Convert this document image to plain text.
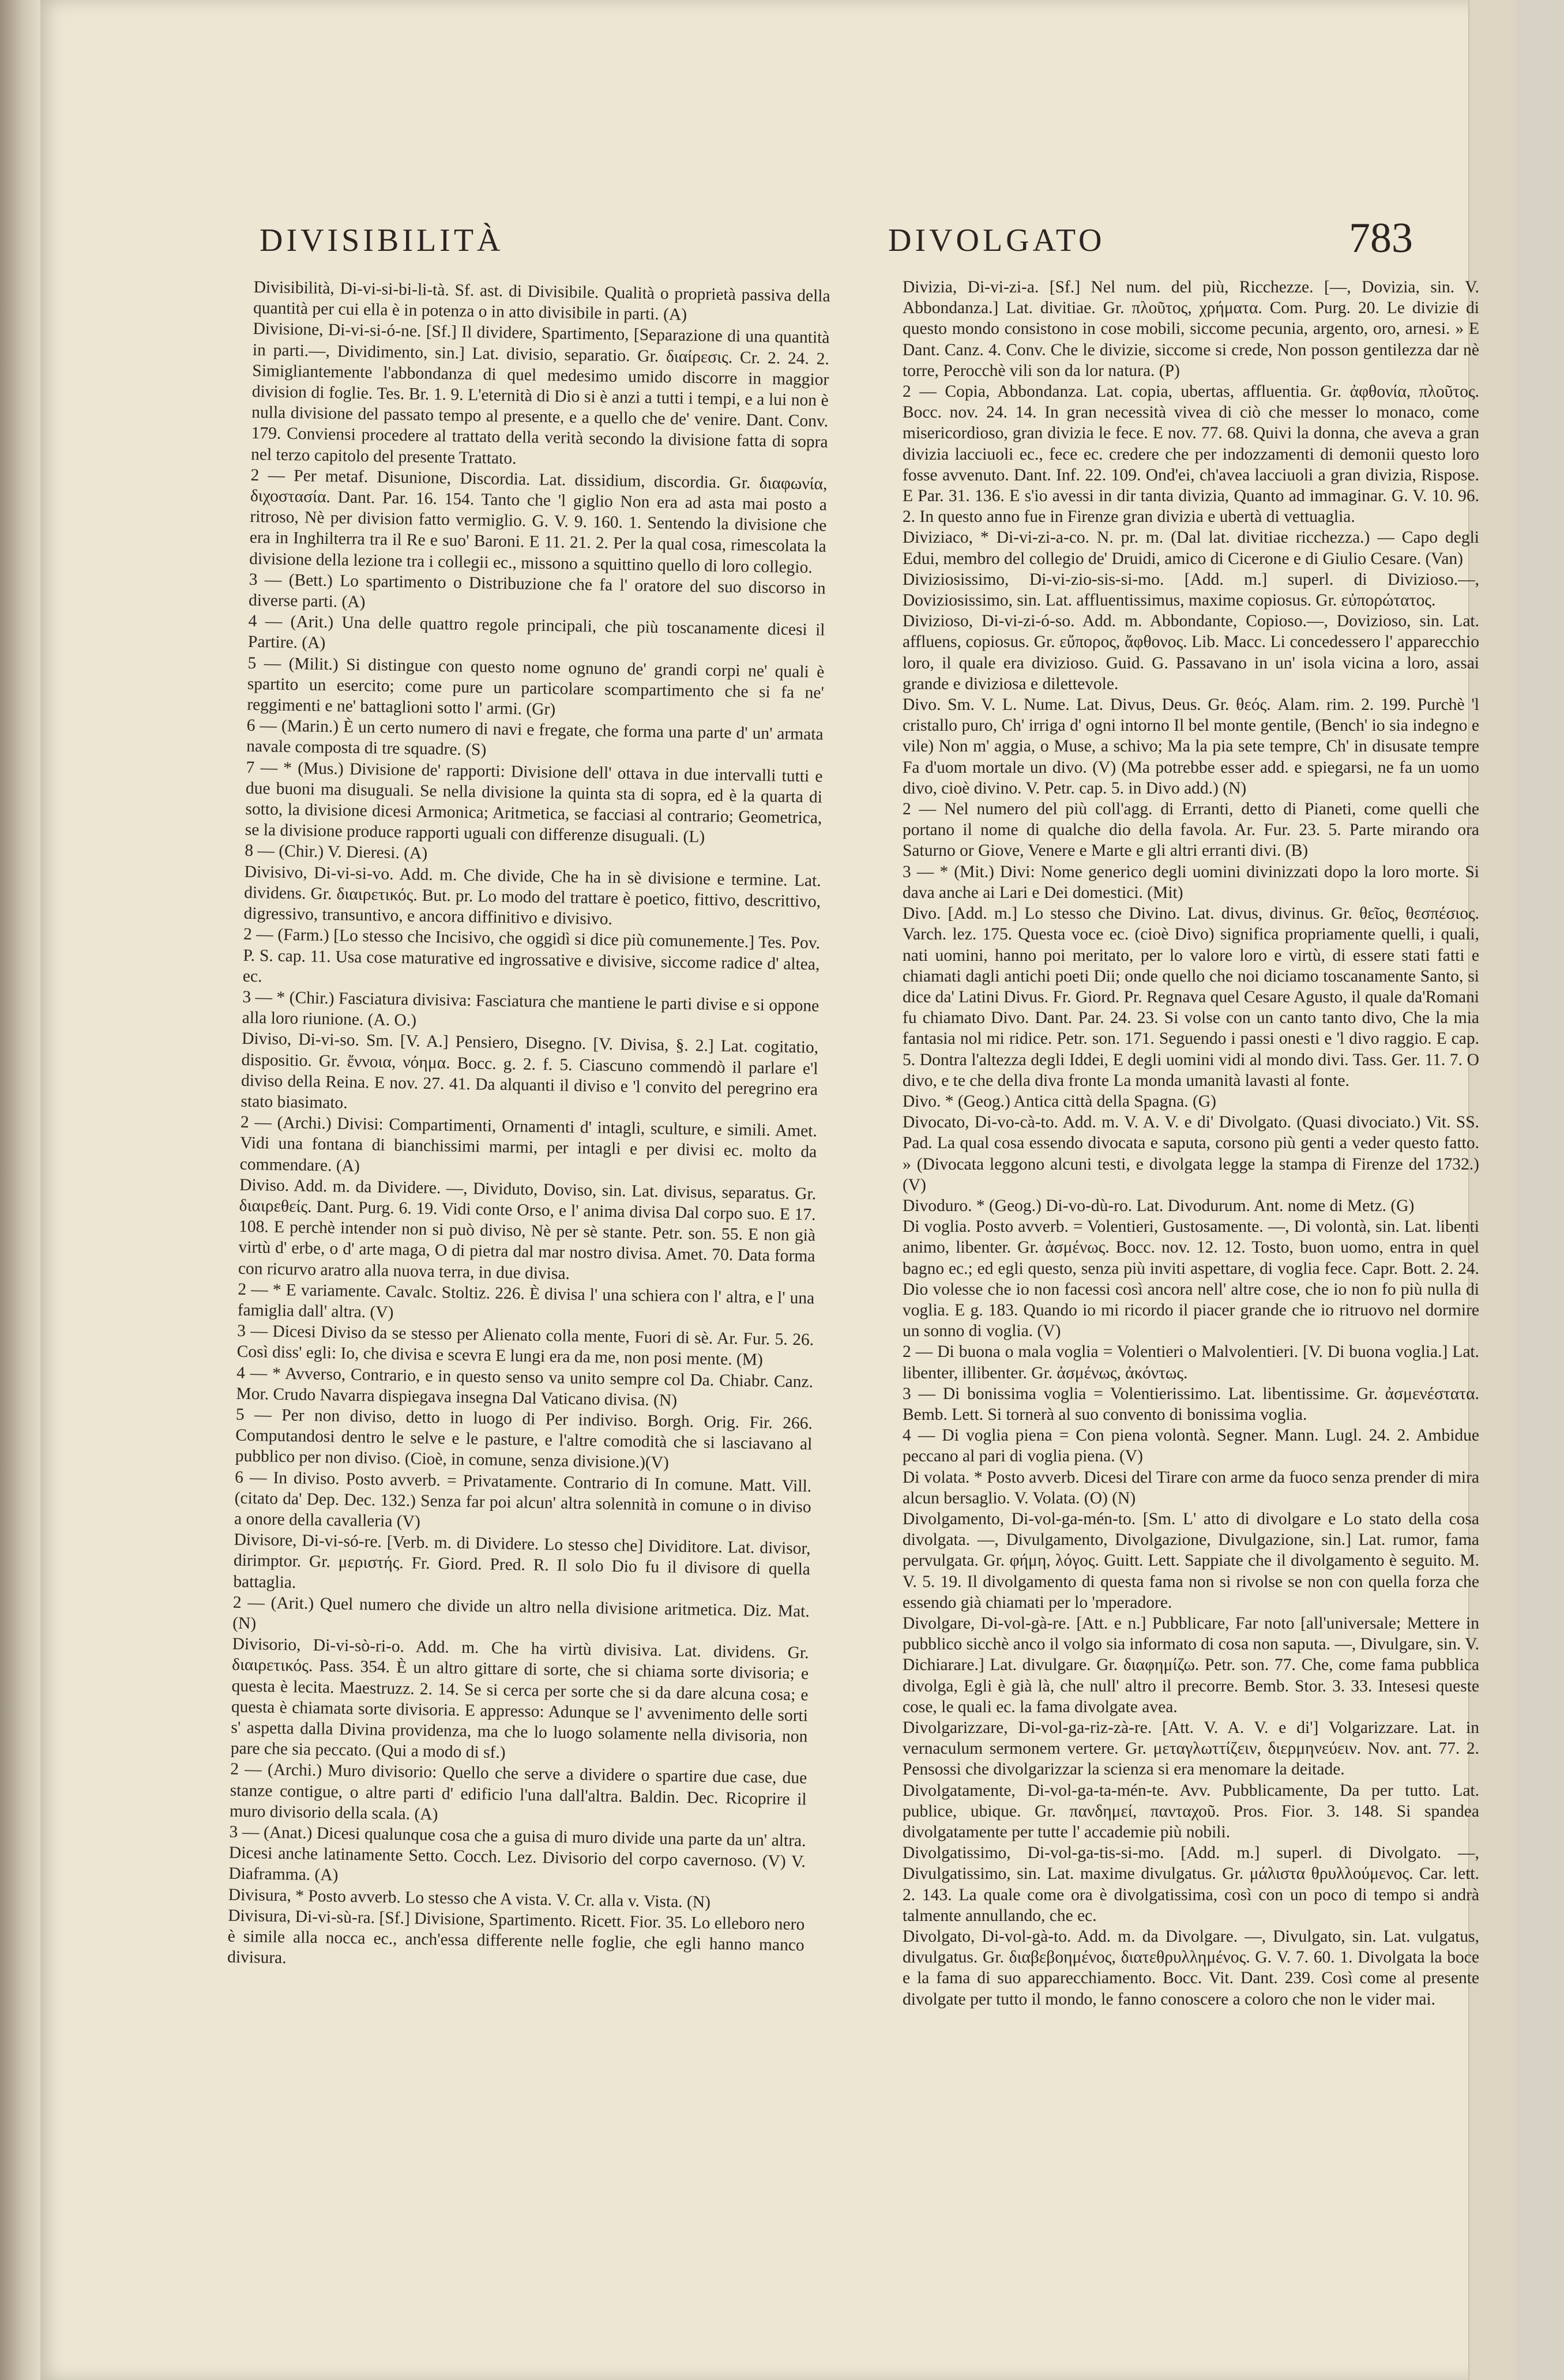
DIVISIBILITÀ	DIVOLGATO	783

Divisibilità, Di-vi-si-bi-li-tà. Sf. ast. di Divisibile. Qualità o proprietà passiva della quantità per cui ella è in potenza o in atto divisibile in parti. (A)

Divisione, Di-vi-si-ó-ne. [Sf.] Il dividere, Spartimento, [Separazione di una quantità in parti.—, Dividimento, sin.] Lat. divisio, separatio. Gr. διαίρεσις. Cr. 2. 24. 2. Simigliantemente l'abbondanza di quel medesimo umido discorre in maggior division di foglie. Tes. Br. 1. 9. L'eternità di Dio si è anzi a tutti i tempi, e a lui non è nulla divisione del passato tempo al presente, e a quello che de' venire. Dant. Conv. 179. Conviensi procedere al trattato della verità secondo la divisione fatta di sopra nel terzo capitolo del presente Trattato.

2 — Per metaf. Disunione, Discordia. Lat. dissidium, discordia. Gr. διαφωνία, διχοστασία. Dant. Par. 16. 154. Tanto che 'l giglio Non era ad asta mai posto a ritroso, Nè per division fatto vermiglio. G. V. 9. 160. 1. Sentendo la divisione che era in Inghilterra tra il Re e suo' Baroni. E 11. 21. 2. Per la qual cosa, rimescolata la divisione della lezione tra i collegii ec., missono a squittino quello di loro collegio.

3 — (Bett.) Lo spartimento o Distribuzione che fa l' oratore del suo discorso in diverse parti. (A)

4 — (Arit.) Una delle quattro regole principali, che più toscanamente dicesi il Partire. (A)

5 — (Milit.) Si distingue con questo nome ognuno de' grandi corpi ne' quali è spartito un esercito; come pure un particolare scompartimento che si fa ne' reggimenti e ne' battaglioni sotto l' armi. (Gr)

6 — (Marin.) È un certo numero di navi e fregate, che forma una parte d' un' armata navale composta di tre squadre. (S)

7 — * (Mus.) Divisione de' rapporti: Divisione dell' ottava in due intervalli tutti e due buoni ma disuguali. Se nella divisione la quinta sta di sopra, ed è la quarta di sotto, la divisione dicesi Armonica; Aritmetica, se facciasi al contrario; Geometrica, se la divisione produce rapporti uguali con differenze disuguali. (L)

8 — (Chir.) V. Dieresi. (A)

Divisivo, Di-vi-si-vo. Add. m. Che divide, Che ha in sè divisione e termine. Lat. dividens. Gr. διαιρετικός. But. pr. Lo modo del trattare è poetico, fittivo, descrittivo, digressivo, transuntivo, e ancora diffinitivo e divisivo.

2 — (Farm.) [Lo stesso che Incisivo, che oggidì si dice più comunemente.] Tes. Pov. P. S. cap. 11. Usa cose maturative ed ingrossative e divisive, siccome radice d' altea, ec.

3 — * (Chir.) Fasciatura divisiva: Fasciatura che mantiene le parti divise e si oppone alla loro riunione. (A. O.)

Diviso, Di-vi-so. Sm. [V. A.] Pensiero, Disegno. [V. Divisa, §. 2.] Lat. cogitatio, dispositio. Gr. ἔννοια, νόημα. Bocc. g. 2. f. 5. Ciascuno commendò il parlare e'l diviso della Reina. E nov. 27. 41. Da alquanti il diviso e 'l convito del peregrino era stato biasimato.

2 — (Archi.) Divisi: Compartimenti, Ornamenti d' intagli, sculture, e simili. Amet. Vidi una fontana di bianchissimi marmi, per intagli e per divisi ec. molto da commendare. (A)

Diviso. Add. m. da Dividere. —, Dividuto, Doviso, sin. Lat. divisus, separatus. Gr. διαιρεθείς. Dant. Purg. 6. 19. Vidi conte Orso, e l' anima divisa Dal corpo suo. E 17. 108. E perchè intender non si può diviso, Nè per sè stante. Petr. son. 55. E non già virtù d' erbe, o d' arte maga, O di pietra dal mar nostro divisa. Amet. 70. Data forma con ricurvo aratro alla nuova terra, in due divisa.

2 — * E variamente. Cavalc. Stoltiz. 226. È divisa l' una schiera con l' altra, e l' una famiglia dall' altra. (V)

3 — Dicesi Diviso da se stesso per Alienato colla mente, Fuori di sè. Ar. Fur. 5. 26. Così diss' egli: Io, che divisa e scevra E lungi era da me, non posi mente. (M)

4 — * Avverso, Contrario, e in questo senso va unito sempre col Da. Chiabr. Canz. Mor. Crudo Navarra dispiegava insegna Dal Vaticano divisa. (N)

5 — Per non diviso, detto in luogo di Per indiviso. Borgh. Orig. Fir. 266. Computandosi dentro le selve e le pasture, e l'altre comodità che si lasciavano al pubblico per non diviso. (Cioè, in comune, senza divisione.)(V)

6 — In diviso. Posto avverb. = Privatamente. Contrario di In comune. Matt. Vill. (citato da' Dep. Dec. 132.) Senza far poi alcun' altra solennità in comune o in diviso a onore della cavalleria (V)

Divisore, Di-vi-só-re. [Verb. m. di Dividere. Lo stesso che] Dividitore. Lat. divisor, dirimptor. Gr. μεριστής. Fr. Giord. Pred. R. Il solo Dio fu il divisore di quella battaglia.

2 — (Arit.) Quel numero che divide un altro nella divisione aritmetica. Diz. Mat. (N)

Divisorio, Di-vi-sò-ri-o. Add. m. Che ha virtù divisiva. Lat. dividens. Gr. διαιρετικός. Pass. 354. È un altro gittare di sorte, che si chiama sorte divisoria; e questa è lecita. Maestruzz. 2. 14. Se si cerca per sorte che si da dare alcuna cosa; e questa è chiamata sorte divisoria. E appresso: Adunque se l' avvenimento delle sorti s' aspetta dalla Divina providenza, ma che lo luogo solamente nella divisoria, non pare che sia peccato. (Qui a modo di sf.)

2 — (Archi.) Muro divisorio: Quello che serve a dividere o spartire due case, due stanze contigue, o altre parti d' edificio l'una dall'altra. Baldin. Dec. Ricoprire il muro divisorio della scala. (A)

3 — (Anat.) Dicesi qualunque cosa che a guisa di muro divide una parte da un' altra. Dicesi anche latinamente Setto. Cocch. Lez. Divisorio del corpo cavernoso. (V) V. Diaframma. (A)

Divisura, * Posto avverb. Lo stesso che A vista. V. Cr. alla v. Vista. (N)

Divisura, Di-vi-sù-ra. [Sf.] Divisione, Spartimento. Ricett. Fior. 35. Lo elleboro nero è simile alla nocca ec., anch'essa differente nelle foglie, che egli hanno manco divisura.

Divizia, Di-vi-zi-a. [Sf.] Nel num. del più, Ricchezze. [—, Dovizia, sin. V. Abbondanza.] Lat. divitiae. Gr. πλοῦτος, χρήματα. Com. Purg. 20. Le divizie di questo mondo consistono in cose mobili, siccome pecunia, argento, oro, arnesi. » E Dant. Canz. 4. Conv. Che le divizie, siccome si crede, Non posson gentilezza dar nè torre, Perocchè vili son da lor natura. (P)

2 — Copia, Abbondanza. Lat. copia, ubertas, affluentia. Gr. ἀφθονία, πλοῦτος. Bocc. nov. 24. 14. In gran necessità vivea di ciò che messer lo monaco, come misericordioso, gran divizia le fece. E nov. 77. 68. Quivi la donna, che aveva a gran divizia lacciuoli ec., fece ec. credere che per indozzamenti di demonii questo loro fosse avvenuto. Dant. Inf. 22. 109. Ond'ei, ch'avea lacciuoli a gran divizia, Rispose. E Par. 31. 136. E s'io avessi in dir tanta divizia, Quanto ad immaginar. G. V. 10. 96. 2. In questo anno fue in Firenze gran divizia e ubertà di vettuaglia.

Diviziaco, * Di-vi-zi-a-co. N. pr. m. (Dal lat. divitiae ricchezza.) — Capo degli Edui, membro del collegio de' Druidi, amico di Cicerone e di Giulio Cesare. (Van)

Diviziosissimo, Di-vi-zio-sis-si-mo. [Add. m.] superl. di Divizioso.—, Doviziosissimo, sin. Lat. affluentissimus, maxime copiosus. Gr. εὐπορώτατος.

Divizioso, Di-vi-zi-ó-so. Add. m. Abbondante, Copioso.—, Dovizioso, sin. Lat. affluens, copiosus. Gr. εὔπορος, ἄφθονος. Lib. Macc. Li concedessero l' apparecchio loro, il quale era divizioso. Guid. G. Passavano in un' isola vicina a loro, assai grande e diviziosa e dilettevole.

Divo. Sm. V. L. Nume. Lat. Divus, Deus. Gr. θεός. Alam. rim. 2. 199. Purchè 'l cristallo puro, Ch' irriga d' ogni intorno Il bel monte gentile, (Bench' io sia indegno e vile) Non m' aggia, o Muse, a schivo; Ma la pia sete tempre, Ch' in disusate tempre Fa d'uom mortale un divo. (V) (Ma potrebbe esser add. e spiegarsi, ne fa un uomo divo, cioè divino. V. Petr. cap. 5. in Divo add.) (N)

2 — Nel numero del più coll'agg. di Erranti, detto di Pianeti, come quelli che portano il nome di qualche dio della favola. Ar. Fur. 23. 5. Parte mirando ora Saturno or Giove, Venere e Marte e gli altri erranti divi. (B)

3 — * (Mit.) Divi: Nome generico degli uomini divinizzati dopo la loro morte. Si dava anche ai Lari e Dei domestici. (Mit)

Divo. [Add. m.] Lo stesso che Divino. Lat. divus, divinus. Gr. θεῖος, θεσπέσιος. Varch. lez. 175. Questa voce ec. (cioè Divo) significa propriamente quelli, i quali, nati uomini, hanno poi meritato, per lo valore loro e virtù, di essere stati fatti e chiamati dagli antichi poeti Dii; onde quello che noi diciamo toscanamente Santo, si dice da' Latini Divus. Fr. Giord. Pr. Regnava quel Cesare Agusto, il quale da'Romani fu chiamato Divo. Dant. Par. 24. 23. Si volse con un canto tanto divo, Che la mia fantasia nol mi ridice. Petr. son. 171. Seguendo i passi onesti e 'l divo raggio. E cap. 5. Dontra l'altezza degli Iddei, E degli uomini vidi al mondo divi. Tass. Ger. 11. 7. O divo, e te che della diva fronte La monda umanità lavasti al fonte.

Divo. * (Geog.) Antica città della Spagna. (G)

Divocato, Di-vo-cà-to. Add. m. V. A. V. e di' Divolgato. (Quasi divociato.) Vit. SS. Pad. La qual cosa essendo divocata e saputa, corsono più genti a veder questo fatto. » (Divocata leggono alcuni testi, e divolgata legge la stampa di Firenze del 1732.) (V)

Divoduro. * (Geog.) Di-vo-dù-ro. Lat. Divodurum. Ant. nome di Metz. (G)

Di voglia. Posto avverb. = Volentieri, Gustosamente. —, Di volontà, sin. Lat. libenti animo, libenter. Gr. ἀσμένως. Bocc. nov. 12. 12. Tosto, buon uomo, entra in quel bagno ec.; ed egli questo, senza più inviti aspettare, di voglia fece. Capr. Bott. 2. 24. Dio volesse che io non facessi così ancora nell' altre cose, che io non fo più nulla di voglia. E g. 183. Quando io mi ricordo il piacer grande che io ritruovo nel dormire un sonno di voglia. (V)

2 — Di buona o mala voglia = Volentieri o Malvolentieri. [V. Di buona voglia.] Lat. libenter, illibenter. Gr. ἀσμένως, ἀκόντως.

3 — Di bonissima voglia = Volentierissimo. Lat. libentissime. Gr. ἀσμενέστατα. Bemb. Lett. Si tornerà al suo convento di bonissima voglia.

4 — Di voglia piena = Con piena volontà. Segner. Mann. Lugl. 24. 2. Ambidue peccano al pari di voglia piena. (V)

Di volata. * Posto avverb. Dicesi del Tirare con arme da fuoco senza prender di mira alcun bersaglio. V. Volata. (O) (N)

Divolgamento, Di-vol-ga-mén-to. [Sm. L' atto di divolgare e Lo stato della cosa divolgata. —, Divulgamento, Divolgazione, Divulgazione, sin.] Lat. rumor, fama pervulgata. Gr. φήμη, λόγος. Guitt. Lett. Sappiate che il divolgamento è seguito. M. V. 5. 19. Il divolgamento di questa fama non si rivolse se non con quella forza che essendo già chiamati per lo 'mperadore.

Divolgare, Di-vol-gà-re. [Att. e n.] Pubblicare, Far noto [all'universale; Mettere in pubblico sicchè anco il volgo sia informato di cosa non saputa. —, Divulgare, sin. V. Dichiarare.] Lat. divulgare. Gr. διαφημίζω. Petr. son. 77. Che, come fama pubblica divolga, Egli è già là, che null' altro il precorre. Bemb. Stor. 3. 33. Intesesi queste cose, le quali ec. la fama divolgate avea.

Divolgarizzare, Di-vol-ga-riz-zà-re. [Att. V. A. V. e di'] Volgarizzare. Lat. in vernaculum sermonem vertere. Gr. μεταγλωττίζειν, διερμηνεύειν. Nov. ant. 77. 2. Pensossi che divolgarizzar la scienza si era menomare la deitade.

Divolgatamente, Di-vol-ga-ta-mén-te. Avv. Pubblicamente, Da per tutto. Lat. publice, ubique. Gr. πανδημεί, πανταχοῦ. Pros. Fior. 3. 148. Si spandea divolgatamente per tutte l' accademie più nobili.

Divolgatissimo, Di-vol-ga-tis-si-mo. [Add. m.] superl. di Divolgato. —, Divulgatissimo, sin. Lat. maxime divulgatus. Gr. μάλιστα θρυλλούμενος. Car. lett. 2. 143. La quale come ora è divolgatissima, così con un poco di tempo si andrà talmente annullando, che ec.

Divolgato, Di-vol-gà-to. Add. m. da Divolgare. —, Divulgato, sin. Lat. vulgatus, divulgatus. Gr. διαβεβοημένος, διατεθρυλλημένος. G. V. 7. 60. 1. Divolgata la boce e la fama di suo apparecchiamento. Bocc. Vit. Dant. 239. Così come al presente divolgate per tutto il mondo, le fanno conoscere a coloro che non le vider mai.
